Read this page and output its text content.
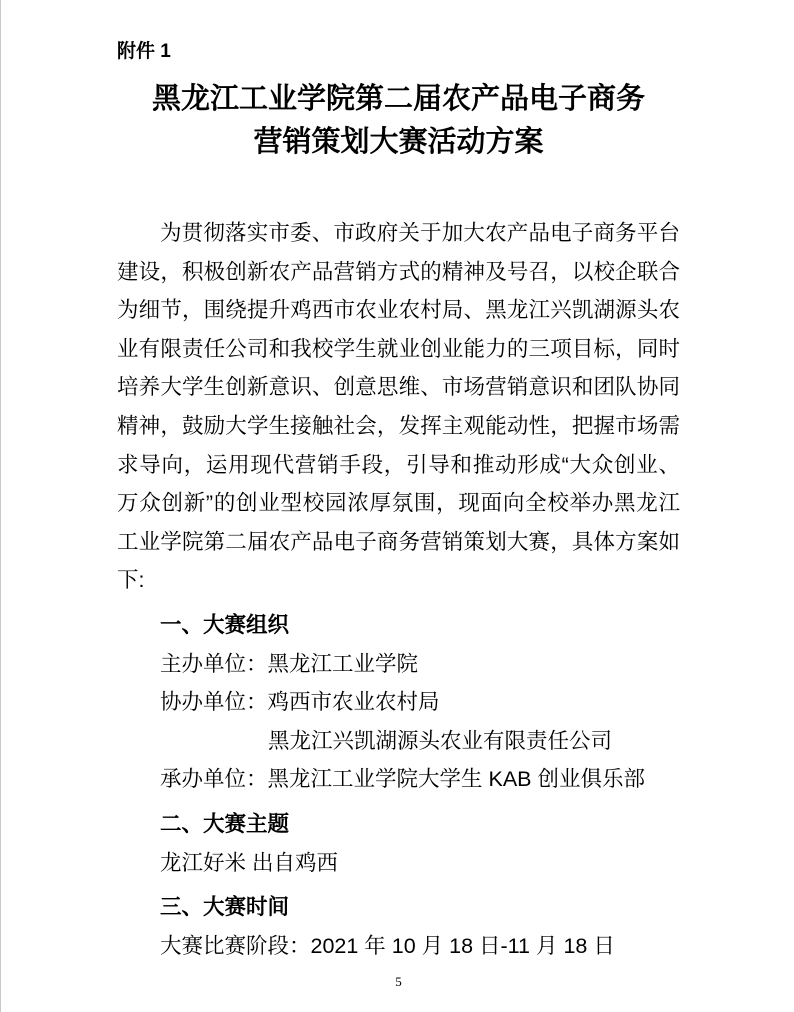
附件 1
黑龙江工业学院第二届农产品电子商务
营销策划大赛活动方案
为贯彻落实市委、市政府关于加大农产品电子商务平台
建设，积极创新农产品营销方式的精神及号召，以校企联合
为细节，围绕提升鸡西市农业农村局、黑龙江兴凯湖源头农
业有限责任公司和我校学生就业创业能力的三项目标，同时
培养大学生创新意识、创意思维、市场营销意识和团队协同
精神，鼓励大学生接触社会，发挥主观能动性，把握市场需
求导向，运用现代营销手段，引导和推动形成“大众创业、
万众创新”的创业型校园浓厚氛围，现面向全校举办黑龙江
工业学院第二届农产品电子商务营销策划大赛，具体方案如
下:
一、大赛组织
主办单位：黑龙江工业学院
协办单位：鸡西市农业农村局
黑龙江兴凯湖源头农业有限责任公司
承办单位：黑龙江工业学院大学生 KAB 创业俱乐部
二、大赛主题
龙江好米 出自鸡西
三、大赛时间
大赛比赛阶段：2021 年 10 月 18 日-11 月 18 日
5
